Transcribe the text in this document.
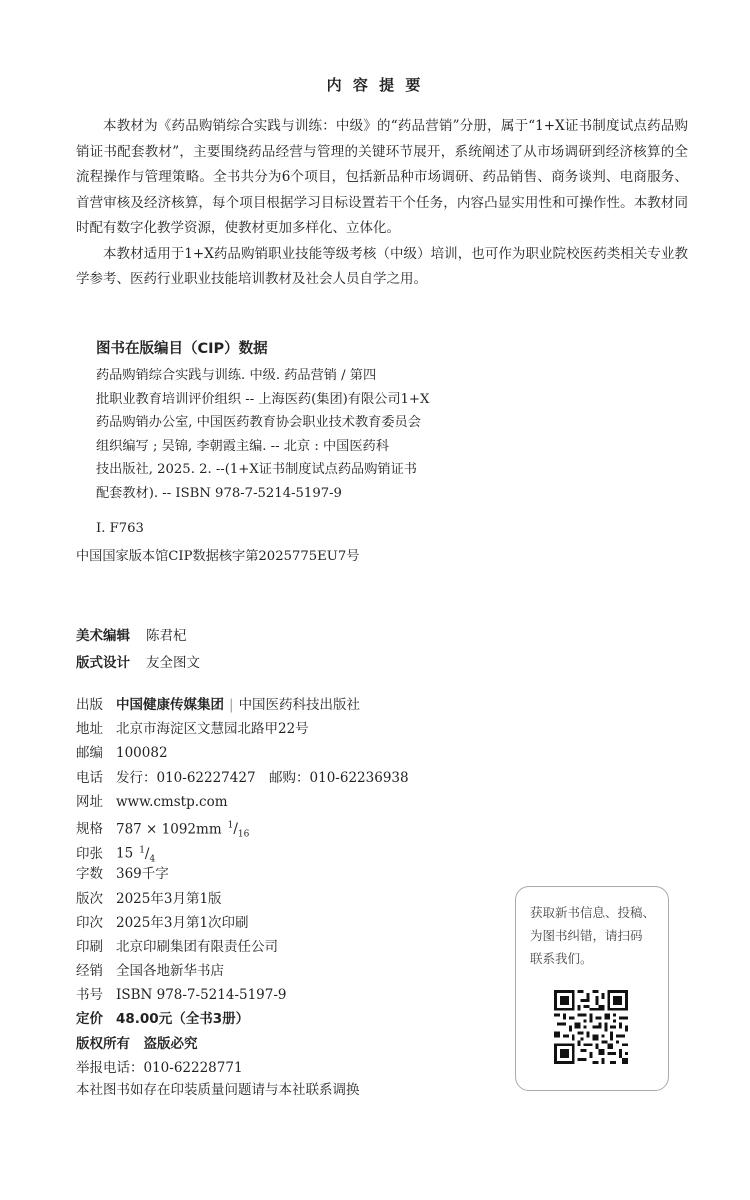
内 容 提 要

本教材为《药品购销综合实践与训练：中级》的“药品营销”分册，属于“1+X证书制度试点药品购销证书配套教材”，主要围绕药品经营与管理的关键环节展开，系统阐述了从市场调研到经济核算的全流程操作与管理策略。全书共分为6个项目，包括新品种市场调研、药品销售、商务谈判、电商服务、首营审核及经济核算，每个项目根据学习目标设置若干个任务，内容凸显实用性和可操作性。本教材同时配有数字化教学资源，使教材更加多样化、立体化。

本教材适用于1+X药品购销职业技能等级考核（中级）培训，也可作为职业院校医药类相关专业教学参考、医药行业职业技能培训教材及社会人员自学之用。

图书在版编目（CIP）数据
药品购销综合实践与训练. 中级. 药品营销 / 第四
批职业教育培训评价组织 -- 上海医药(集团)有限公司1+X
药品购销办公室, 中国医药教育协会职业技术教育委员会
组织编写 ; 吴锦, 李朝霞主编. -- 北京 : 中国医药科
技出版社, 2025. 2. --(1+X证书制度试点药品购销证书
配套教材). -- ISBN 978-7-5214-5197-9
Ⅰ. F763
中国国家版本馆CIP数据核字第2025775EU7号
美术编辑 陈君杞
版式设计 友全图文
出版 中国健康传媒集团 | 中国医药科技出版社
地址 北京市海淀区文慧园北路甲22号
邮编 100082
电话 发行：010-62227427　邮购：010-62236938
网址 www.cmstp.com
规格 787 × 1092mm $^1/_{16}$
印张 15 $^1/_4$
字数 369千字
版次 2025年3月第1版
印次 2025年3月第1次印刷
印刷 北京印刷集团有限责任公司
经销 全国各地新华书店
书号 ISBN 978-7-5214-5197-9
定价 48.00元（全书3册）
版权所有　盗版必究
举报电话：010-62228771
本社图书如存在印装质量问题请与本社联系调换
获取新书信息、投稿、
为图书纠错，请扫码
联系我们。
